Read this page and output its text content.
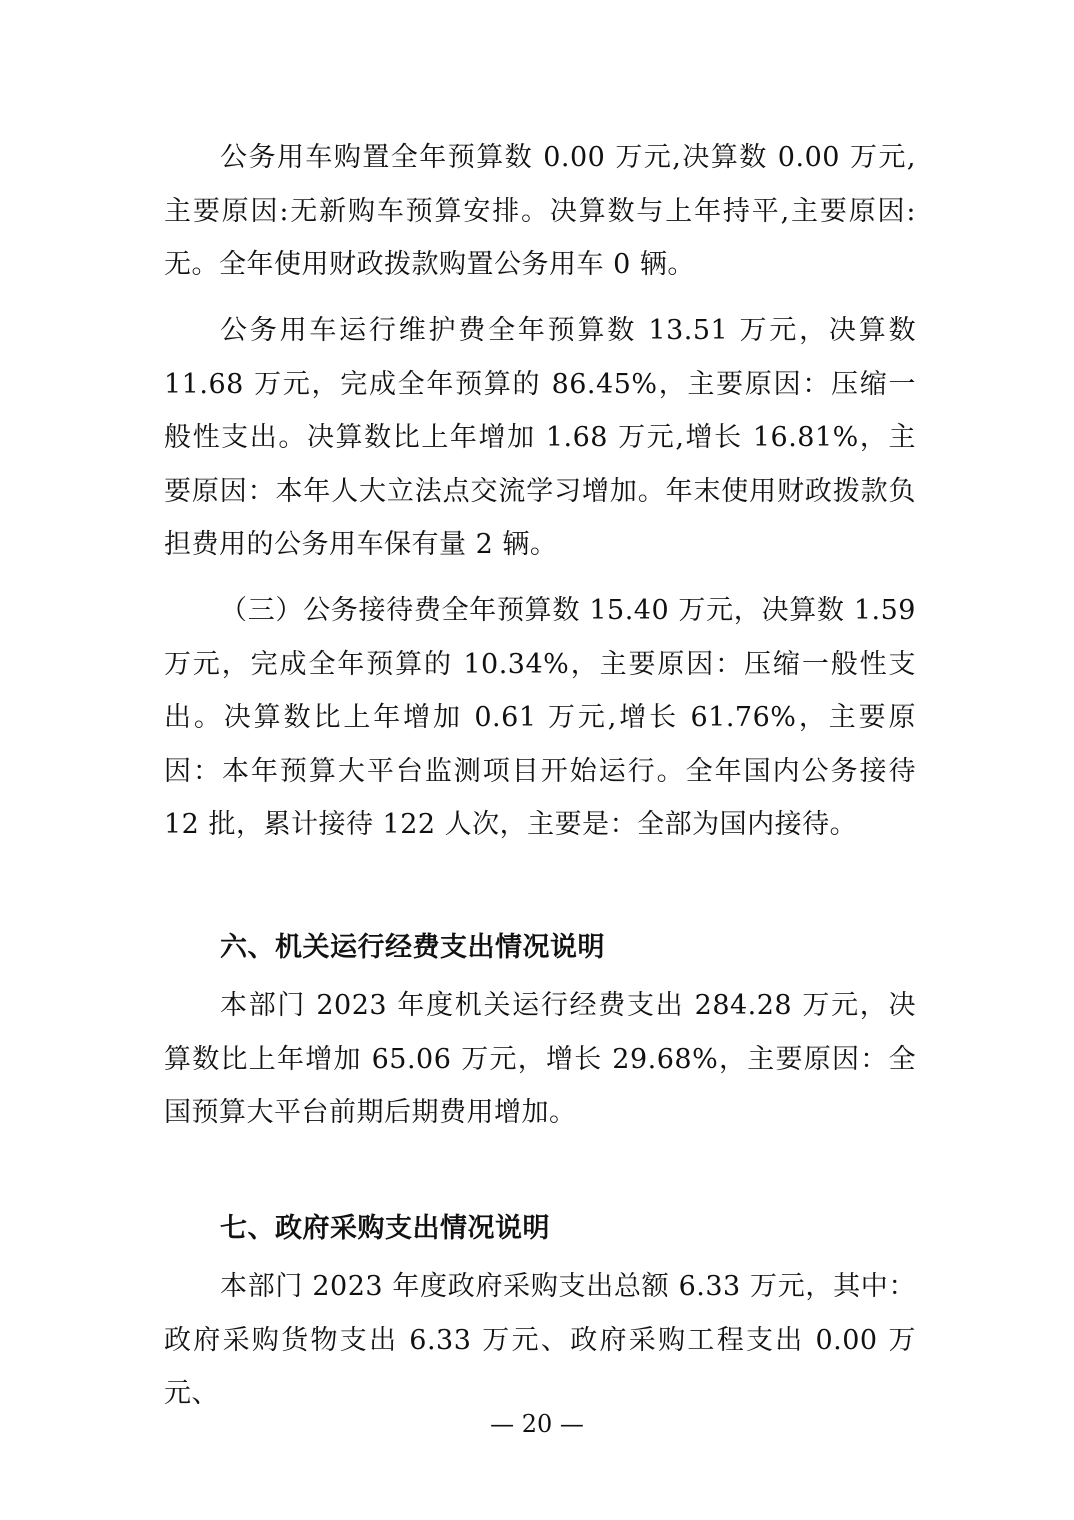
公务用车购置全年预算数 0.00 万元,决算数 0.00 万元,主要原因:无新购车预算安排。决算数与上年持平,主要原因:无。全年使用财政拨款购置公务用车 0 辆。

公务用车运行维护费全年预算数 13.51 万元，决算数 11.68 万元，完成全年预算的 86.45%，主要原因：压缩一般性支出。决算数比上年增加 1.68 万元,增长 16.81%，主要原因：本年人大立法点交流学习增加。年末使用财政拨款负担费用的公务用车保有量 2 辆。

（三）公务接待费全年预算数 15.40 万元，决算数 1.59 万元，完成全年预算的 10.34%，主要原因：压缩一般性支出。决算数比上年增加 0.61 万元,增长 61.76%，主要原因：本年预算大平台监测项目开始运行。全年国内公务接待 12 批，累计接待 122 人次，主要是：全部为国内接待。

六、机关运行经费支出情况说明

本部门 2023 年度机关运行经费支出 284.28 万元，决算数比上年增加 65.06 万元，增长 29.68%，主要原因：全国预算大平台前期后期费用增加。

七、政府采购支出情况说明

本部门 2023 年度政府采购支出总额 6.33 万元，其中：政府采购货物支出 6.33 万元、政府采购工程支出 0.00 万元、

— 20 —
